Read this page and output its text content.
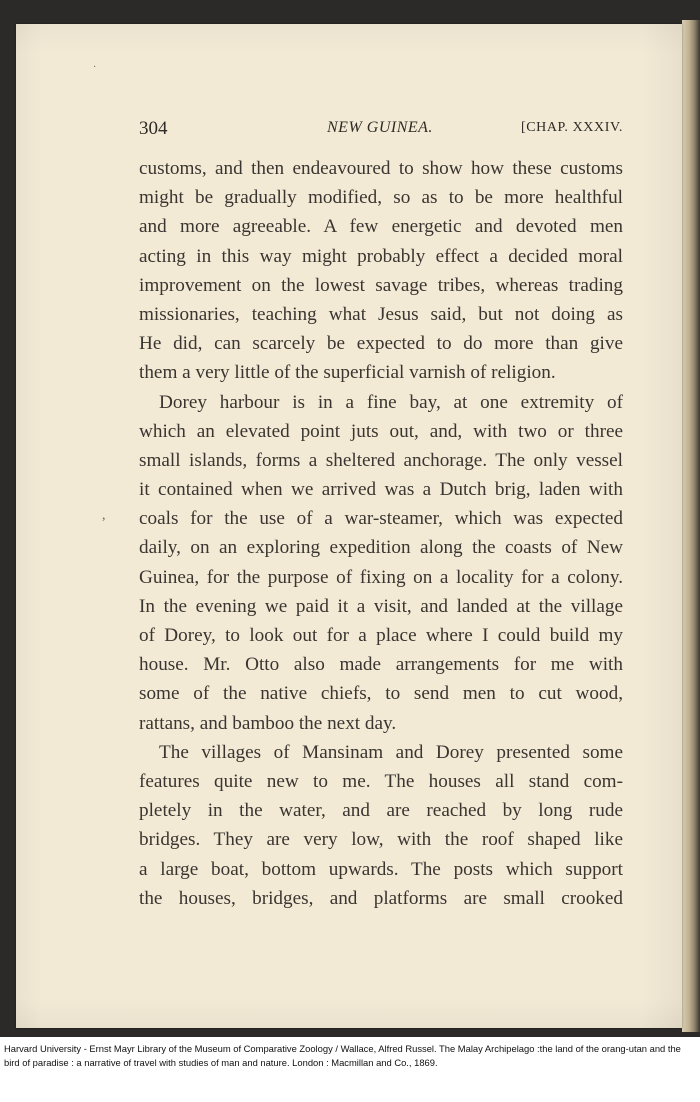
·
,
304	NEW GUINEA.	[CHAP. XXXIV.
customs, and then endeavoured to show how these customs
might be gradually modified, so as to be more healthful
and more agreeable. A few energetic and devoted men
acting in this way might probably effect a decided moral
improvement on the lowest savage tribes, whereas trading
missionaries, teaching what Jesus said, but not doing as
He did, can scarcely be expected to do more than give
them a very little of the superficial varnish of religion.
Dorey harbour is in a fine bay, at one extremity of
which an elevated point juts out, and, with two or three
small islands, forms a sheltered anchorage. The only vessel
it contained when we arrived was a Dutch brig, laden with
coals for the use of a war-steamer, which was expected
daily, on an exploring expedition along the coasts of New
Guinea, for the purpose of fixing on a locality for a colony.
In the evening we paid it a visit, and landed at the village
of Dorey, to look out for a place where I could build my
house. Mr. Otto also made arrangements for me with
some of the native chiefs, to send men to cut wood,
rattans, and bamboo the next day.
The villages of Mansinam and Dorey presented some
features quite new to me. The houses all stand com-
pletely in the water, and are reached by long rude
bridges. They are very low, with the roof shaped like
a large boat, bottom upwards. The posts which support
the houses, bridges, and platforms are small crooked
Harvard University - Ernst Mayr Library of the Museum of Comparative Zoology / Wallace, Alfred Russel. The Malay Archipelago :the land of the orang-utan and the bird of paradise : a narrative of travel with studies of man and nature. London : Macmillan and Co., 1869.
